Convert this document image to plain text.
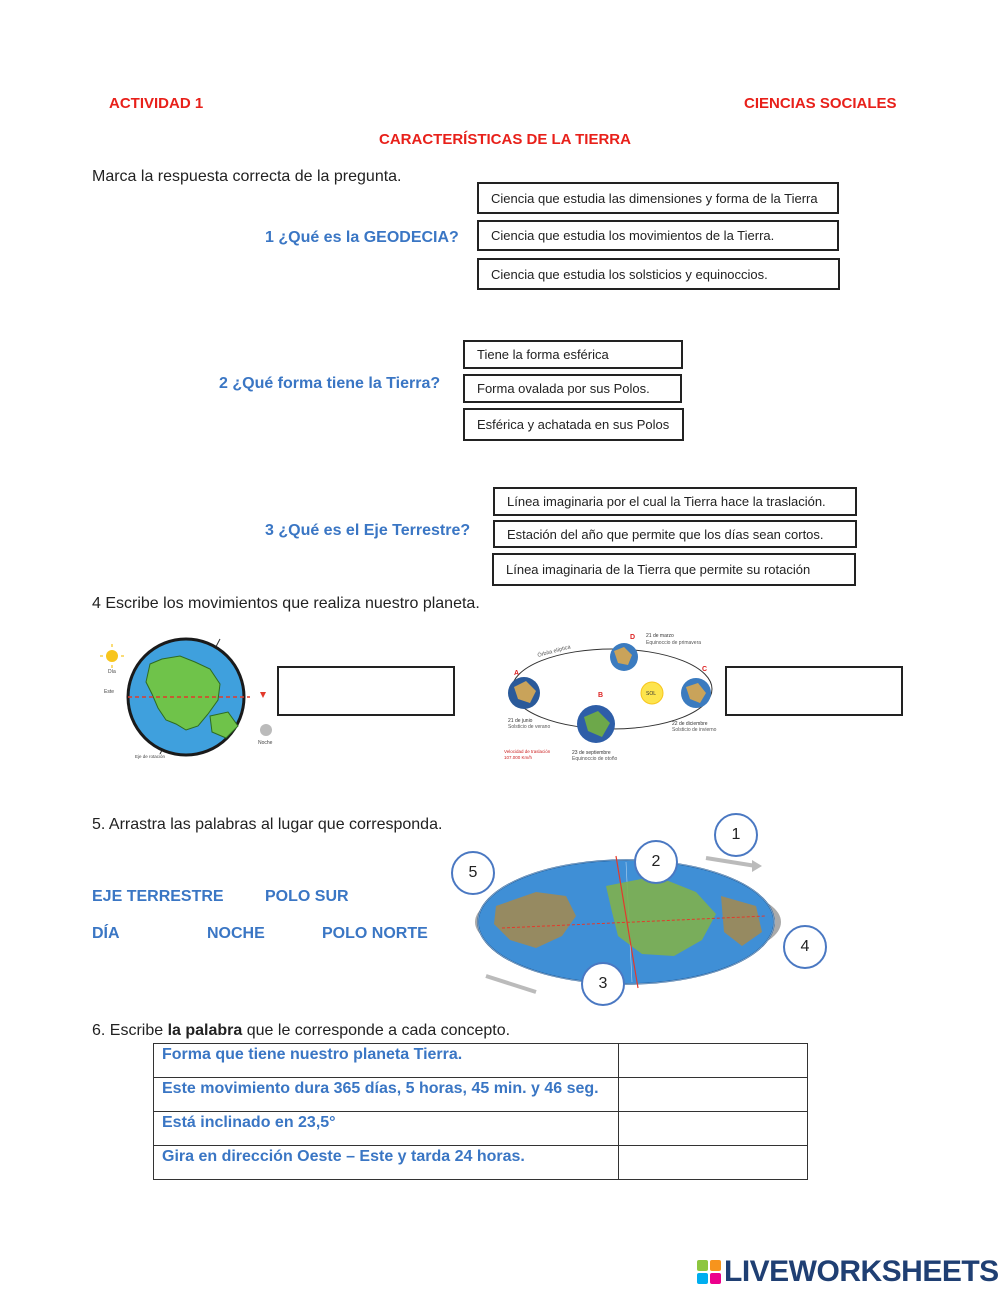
ACTIVIDAD 1	CIENCIAS SOCIALES
CARACTERÍSTICAS DE LA TIERRA
Marca la respuesta correcta de la pregunta.
1 ¿Qué es la GEODECIA?
Ciencia que estudia las dimensiones y forma de la Tierra
Ciencia que estudia los movimientos de la Tierra.
Ciencia que estudia los solsticios y equinoccios.
2 ¿Qué forma tiene la Tierra?
Tiene la forma esférica
Forma ovalada por sus Polos.
Esférica y achatada en sus Polos
3 ¿Qué es el Eje Terrestre?
Línea imaginaria por el cual la Tierra hace la traslación.
Estación del año que permite que los días sean cortos.
Línea imaginaria de la Tierra que permite su rotación
4 Escribe los movimientos que realiza nuestro planeta.
Día
Este
Noche
Eje de rotación
Órbita elíptica
SOL
D
A
B
C
21 de marzo
Equinoccio de primavera
21 de junio
Solsticio de verano
23 de septiembre
Equinoccio de otoño
22 de diciembre
Solsticio de invierno
Velocidad de traslación
107.000 Km/h
5. Arrastra las palabras al lugar que corresponda.
EJE TERRESTRE	POLO SUR
DÍA	NOCHE	POLO NORTE
1
2
3
4
5
6. Escribe la palabra que le corresponde a cada concepto.
Forma que tiene nuestro planeta Tierra.	
Este movimiento dura 365 días, 5 horas, 45 min. y 46 seg.	
Está inclinado en 23,5°	
Gira en dirección Oeste – Este y tarda 24 horas.	
LIVEWORKSHEETS
